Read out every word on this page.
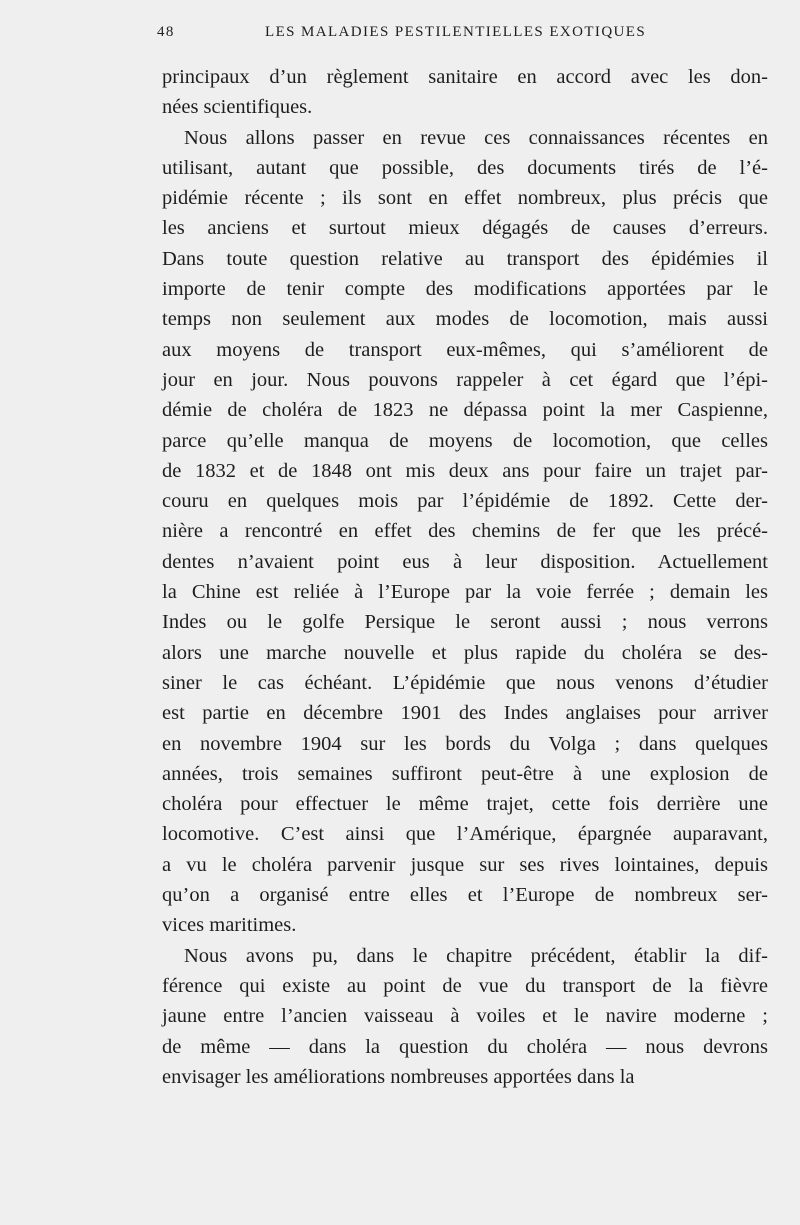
48	LES MALADIES PESTILENTIELLES EXOTIQUES
principaux d’un règlement sanitaire en accord avec les don-
nées scientifiques.
Nous allons passer en revue ces connaissances récentes en
utilisant, autant que possible, des documents tirés de l’é-
pidémie récente ; ils sont en effet nombreux, plus précis que
les anciens et surtout mieux dégagés de causes d’erreurs.
Dans toute question relative au transport des épidémies il
importe de tenir compte des modifications apportées par le
temps non seulement aux modes de locomotion, mais aussi
aux moyens de transport eux-mêmes, qui s’améliorent de
jour en jour. Nous pouvons rappeler à cet égard que l’épi-
démie de choléra de 1823 ne dépassa point la mer Caspienne,
parce qu’elle manqua de moyens de locomotion, que celles
de 1832 et de 1848 ont mis deux ans pour faire un trajet par-
couru en quelques mois par l’épidémie de 1892. Cette der-
nière a rencontré en effet des chemins de fer que les précé-
dentes n’avaient point eus à leur disposition. Actuellement
la Chine est reliée à l’Europe par la voie ferrée ; demain les
Indes ou le golfe Persique le seront aussi ; nous verrons
alors une marche nouvelle et plus rapide du choléra se des-
siner le cas échéant. L’épidémie que nous venons d’étudier
est partie en décembre 1901 des Indes anglaises pour arriver
en novembre 1904 sur les bords du Volga ; dans quelques
années, trois semaines suffiront peut-être à une explosion de
choléra pour effectuer le même trajet, cette fois derrière une
locomotive. C’est ainsi que l’Amérique, épargnée auparavant,
a vu le choléra parvenir jusque sur ses rives lointaines, depuis
qu’on a organisé entre elles et l’Europe de nombreux ser-
vices maritimes.
Nous avons pu, dans le chapitre précédent, établir la dif-
férence qui existe au point de vue du transport de la fièvre
jaune entre l’ancien vaisseau à voiles et le navire moderne ;
de même — dans la question du choléra — nous devrons
envisager les améliorations nombreuses apportées dans la
